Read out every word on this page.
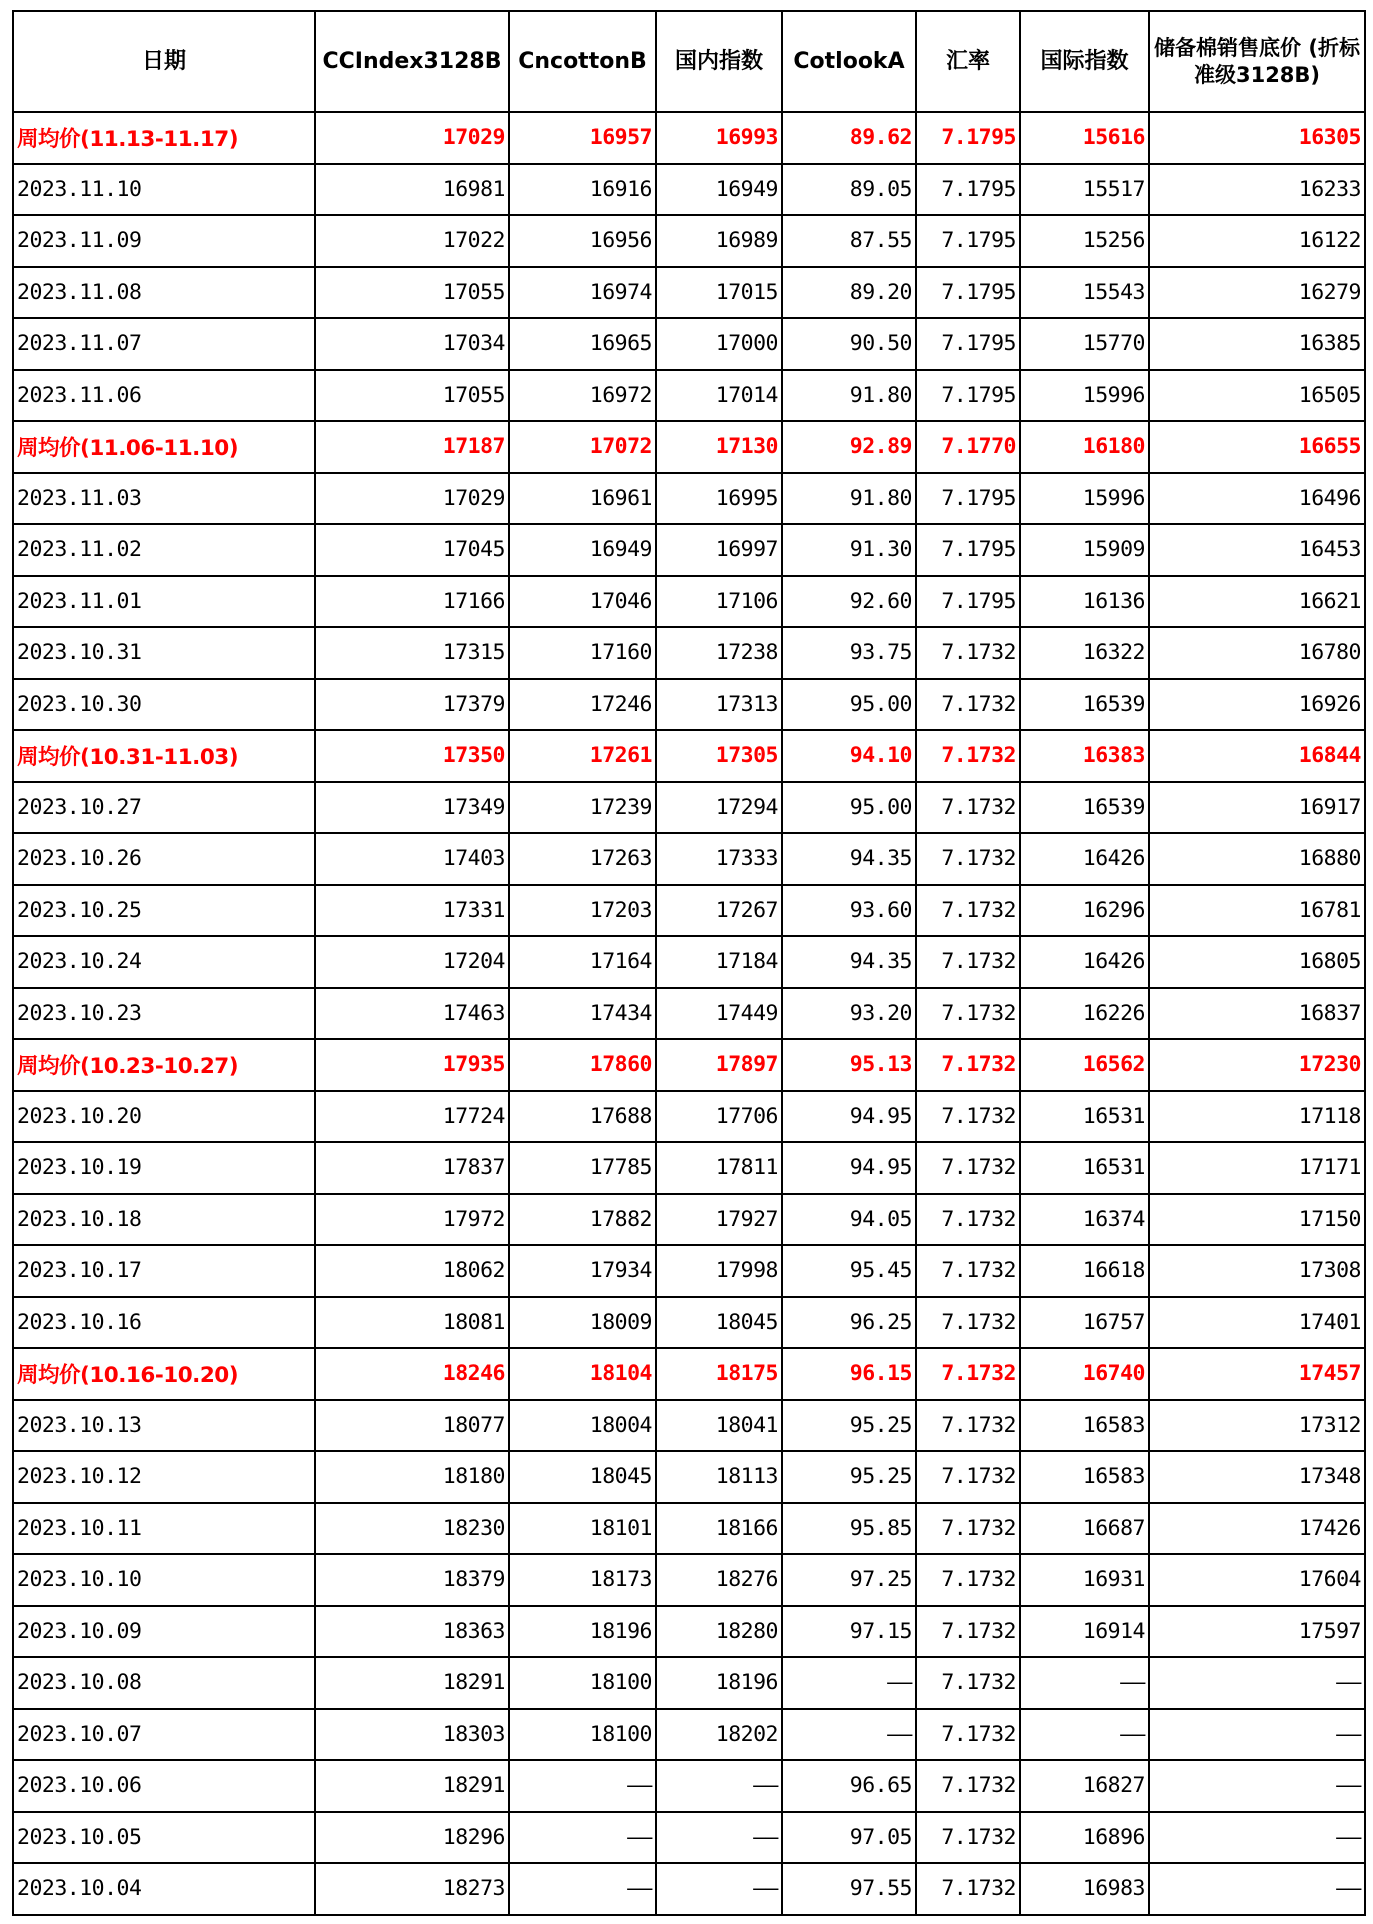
日期	CCIndex3128B	CncottonB	国内指数	CotlookA	汇率	国际指数	储备棉销售底价 (折标准级3128B)
周均价(11.13-11.17)	17029	16957	16993	89.62	7.1795	15616	16305
2023.11.10	16981	16916	16949	89.05	7.1795	15517	16233
2023.11.09	17022	16956	16989	87.55	7.1795	15256	16122
2023.11.08	17055	16974	17015	89.20	7.1795	15543	16279
2023.11.07	17034	16965	17000	90.50	7.1795	15770	16385
2023.11.06	17055	16972	17014	91.80	7.1795	15996	16505
周均价(11.06-11.10)	17187	17072	17130	92.89	7.1770	16180	16655
2023.11.03	17029	16961	16995	91.80	7.1795	15996	16496
2023.11.02	17045	16949	16997	91.30	7.1795	15909	16453
2023.11.01	17166	17046	17106	92.60	7.1795	16136	16621
2023.10.31	17315	17160	17238	93.75	7.1732	16322	16780
2023.10.30	17379	17246	17313	95.00	7.1732	16539	16926
周均价(10.31-11.03)	17350	17261	17305	94.10	7.1732	16383	16844
2023.10.27	17349	17239	17294	95.00	7.1732	16539	16917
2023.10.26	17403	17263	17333	94.35	7.1732	16426	16880
2023.10.25	17331	17203	17267	93.60	7.1732	16296	16781
2023.10.24	17204	17164	17184	94.35	7.1732	16426	16805
2023.10.23	17463	17434	17449	93.20	7.1732	16226	16837
周均价(10.23-10.27)	17935	17860	17897	95.13	7.1732	16562	17230
2023.10.20	17724	17688	17706	94.95	7.1732	16531	17118
2023.10.19	17837	17785	17811	94.95	7.1732	16531	17171
2023.10.18	17972	17882	17927	94.05	7.1732	16374	17150
2023.10.17	18062	17934	17998	95.45	7.1732	16618	17308
2023.10.16	18081	18009	18045	96.25	7.1732	16757	17401
周均价(10.16-10.20)	18246	18104	18175	96.15	7.1732	16740	17457
2023.10.13	18077	18004	18041	95.25	7.1732	16583	17312
2023.10.12	18180	18045	18113	95.25	7.1732	16583	17348
2023.10.11	18230	18101	18166	95.85	7.1732	16687	17426
2023.10.10	18379	18173	18276	97.25	7.1732	16931	17604
2023.10.09	18363	18196	18280	97.15	7.1732	16914	17597
2023.10.08	18291	18100	18196	——	7.1732	——	——
2023.10.07	18303	18100	18202	——	7.1732	——	——
2023.10.06	18291	——	——	96.65	7.1732	16827	——
2023.10.05	18296	——	——	97.05	7.1732	16896	——
2023.10.04	18273	——	——	97.55	7.1732	16983	——
